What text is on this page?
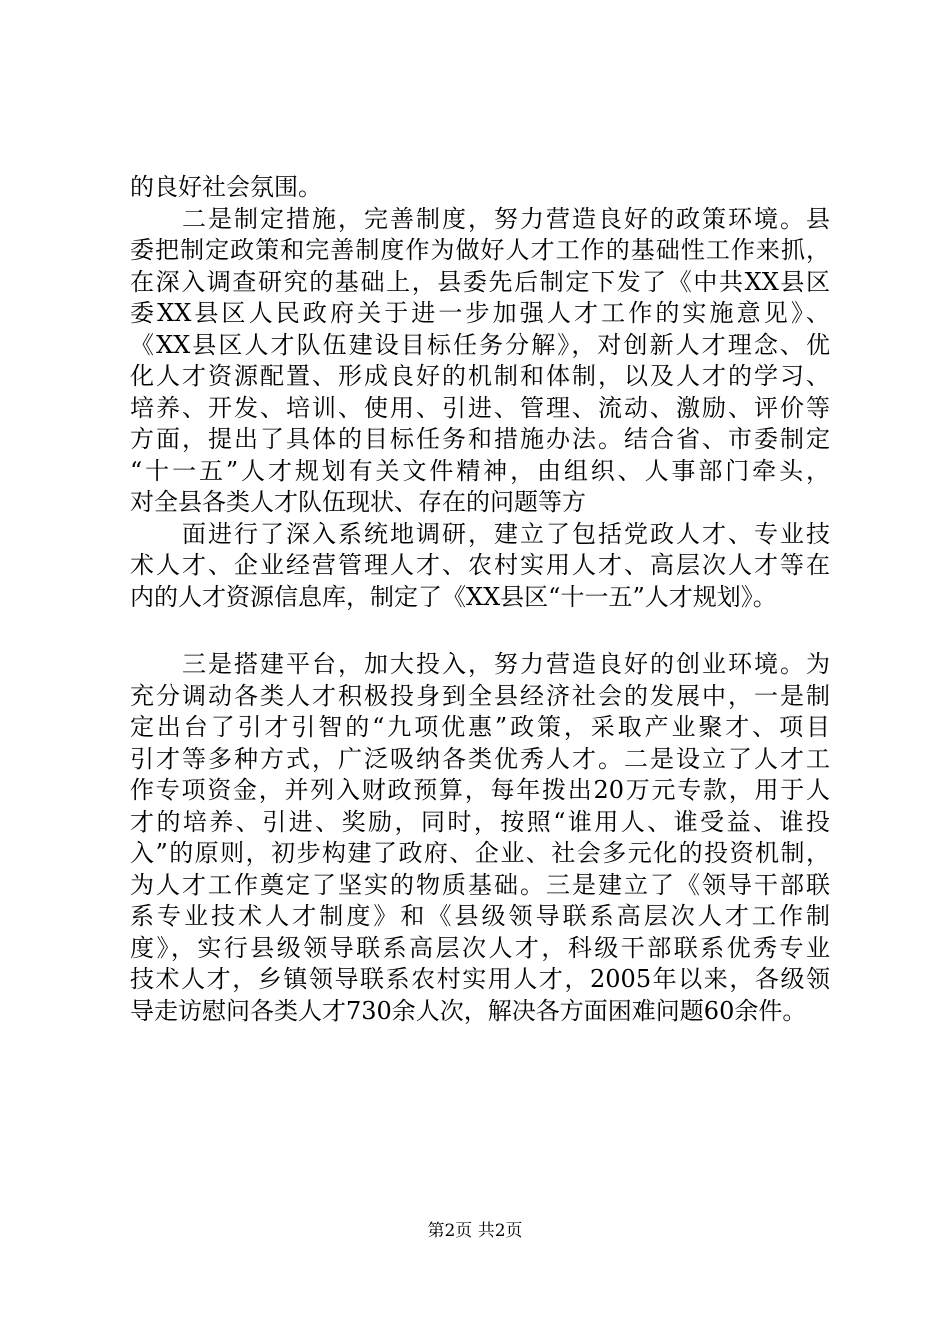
的良好社会氛围。
　　二是制定措施，完善制度，努力营造良好的政策环境。县
委把制定政策和完善制度作为做好人才工作的基础性工作来抓，
在深入调查研究的基础上，县委先后制定下发了《中共XX县区
委XX县区人民政府关于进一步加强人才工作的实施意见》、
《XX县区人才队伍建设目标任务分解》，对创新人才理念、优
化人才资源配置、形成良好的机制和体制，以及人才的学习、
培养、开发、培训、使用、引进、管理、流动、激励、评价等
方面，提出了具体的目标任务和措施办法。结合省、市委制定
“十一五”人才规划有关文件精神，由组织、人事部门牵头，
对全县各类人才队伍现状、存在的问题等方
　　面进行了深入系统地调研，建立了包括党政人才、专业技
术人才、企业经营管理人才、农村实用人才、高层次人才等在
内的人才资源信息库，制定了《XX县区“十一五”人才规划》。
　　三是搭建平台，加大投入，努力营造良好的创业环境。为
充分调动各类人才积极投身到全县经济社会的发展中，一是制
定出台了引才引智的“九项优惠”政策，采取产业聚才、项目
引才等多种方式，广泛吸纳各类优秀人才。二是设立了人才工
作专项资金，并列入财政预算，每年拨出20万元专款，用于人
才的培养、引进、奖励，同时，按照“谁用人、谁受益、谁投
入”的原则，初步构建了政府、企业、社会多元化的投资机制，
为人才工作奠定了坚实的物质基础。三是建立了《领导干部联
系专业技术人才制度》和《县级领导联系高层次人才工作制
度》，实行县级领导联系高层次人才，科级干部联系优秀专业
技术人才，乡镇领导联系农村实用人才，2005年以来，各级领
导走访慰问各类人才730余人次，解决各方面困难问题60余件。
第2页 共2页
